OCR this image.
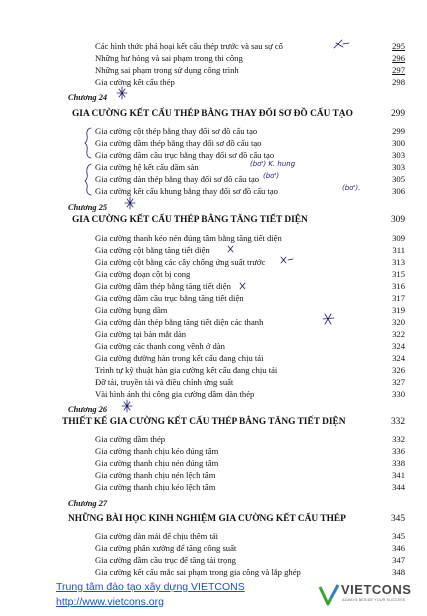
Các hình thức phá hoại kết cấu thép trước và sau sự cố	295
Những hư hỏng và sai phạm trong thi công	296
Những sai phạm trong sử dụng công trình	297
Gia cường kết cấu thép	298
Chương 24
GIA CƯỜNG KẾT CẤU THÉP BẰNG THAY ĐỔI SƠ ĐỒ CẤU TẠO	299
Gia cường cột thép bằng thay đổi sơ đồ cấu tạo	299
Gia cường dầm thép bằng thay đổi sơ đồ cấu tạo	300
Gia cường dầm cầu trục bằng thay đổi sơ đồ cấu tạo	303
Gia cường hệ kết cấu dầm sàn	303
Gia cường dàn thép bằng thay đổi sơ đồ cấu tạo	305
Gia cường kết cấu khung bằng thay đổi sơ đồ cấu tạo	306
Chương 25
GIA CƯỜNG KẾT CẤU THÉP BẰNG TĂNG TIẾT DIỆN	309
Gia cường thanh kéo nén đúng tâm bằng tăng tiết diện	309
Gia cường cột bằng tăng tiết diện	311
Gia cường cột bằng các cây chống ứng suất trước	313
Gia cường đoạn cột bị cong	315
Gia cường dầm thép bằng tăng tiết diện	316
Gia cường dầm cầu trục bằng tăng tiết diện	317
Gia cường bụng dầm	319
Gia cường dàn thép bằng tăng tiết diện các thanh	320
Gia cường tại bản mắt dàn	322
Gia cường các thanh cong vênh ở dàn	324
Gia cường đường hàn trong kết cấu đang chịu tải	324
Trình tự kỹ thuật hàn gia cường kết cấu đang chịu tải	326
Đỡ tải, truyền tải và điều chỉnh ứng suất	327
Vài hình ảnh thi công gia cường dầm dàn thép	330
Chương 26
THIẾT KẾ GIA CƯỜNG KẾT CẤU THÉP BẰNG TĂNG TIẾT DIỆN	332
Gia cường dầm thép	332
Gia cường thanh chịu kéo đúng tâm	336
Gia cường thanh chịu nén đúng tâm	338
Gia cường thanh chịu nén lệch tâm	341
Gia cường thanh chịu kéo lệch tâm	344
Chương 27
NHỮNG BÀI HỌC KINH NGHIỆM GIA CƯỜNG KẾT CẤU THÉP	345
Gia cường dàn mái để chịu thêm tải	345
Gia cường phân xưởng để tăng công suất	346
Gia cường dầm cầu trục để tăng tải trọng	347
Gia cường kết cấu mắc sai phạm trong gia công và lắp ghép	348
(bơ') K. hung
(bơ')
(bơ').
Trung tâm đào tạo xây dựng VIETCONS
http://www.vietcons.org
VIETCONS
ALWAYS BESIDE YOUR SUCCESS
